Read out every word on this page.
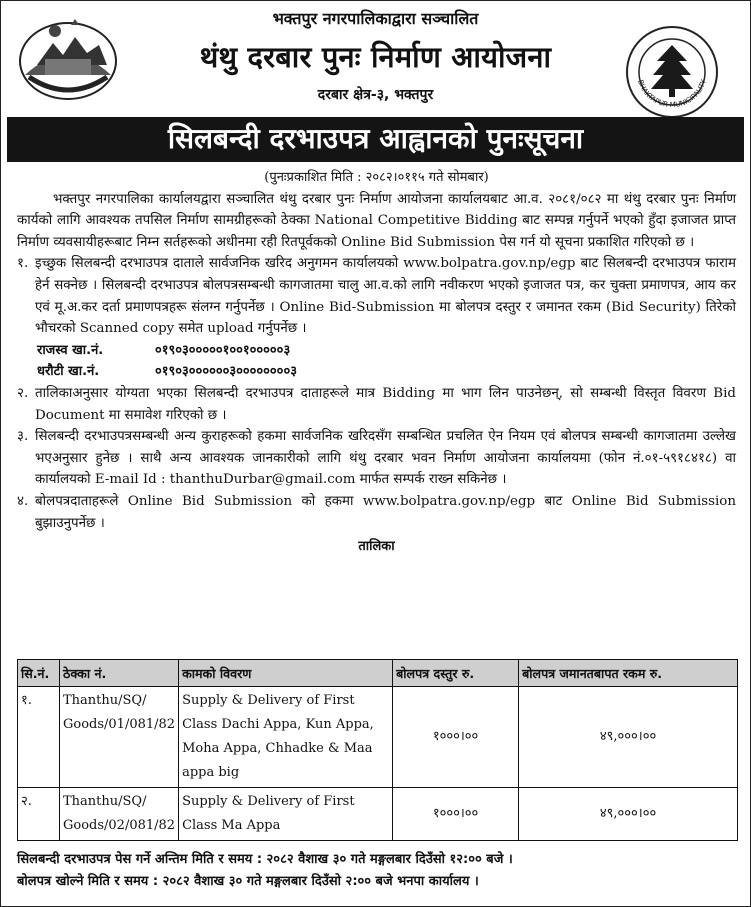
भक्तपुर नगरपालिकाद्वारा सञ्चालित
थंथु दरबार पुनः निर्माण आयोजना
दरबार क्षेत्र-३, भक्तपुर
BHAKTAPUR MUNICIPALITY
सिलबन्दी दरभाउपत्र आह्वानको पुनःसूचना

(पुनःप्रकाशित मिति : २०८२।०११५ गते सोमबार)

भक्तपुर नगरपालिका कार्यालयद्वारा सञ्चालित थंथु दरबार पुनः निर्माण आयोजना कार्यालयबाट आ.व. २०८१/०८२ मा थंथु दरबार पुनः निर्माण कार्यको लागि आवश्यक तपसिल निर्माण सामग्रीहरूको ठेक्का National Competitive Bidding बाट सम्पन्न गर्नुपर्ने भएको हुँदा इजाजत प्राप्त निर्माण व्यवसायीहरूबाट निम्न सर्तहरूको अधीनमा रही रितपूर्वकको Online Bid Submission पेस गर्न यो सूचना प्रकाशित गरिएको छ ।

१. इच्छुक सिलबन्दी दरभाउपत्र दाताले सार्वजनिक खरिद अनुगमन कार्यालयको www.bolpatra.gov.np/egp बाट सिलबन्दी दरभाउपत्र फाराम हेर्न सक्नेछ । सिलबन्दी दरभाउपत्र बोलपत्रसम्बन्धी कागजातमा चालु आ.व.को लागि नवीकरण भएको इजाजत पत्र, कर चुक्ता प्रमाणपत्र, आय कर एवं मू.अ.कर दर्ता प्रमाणपत्रहरू संलग्न गर्नुपर्नेछ । Online Bid-Submission मा बोलपत्र दस्तुर र जमानत रकम (Bid Security) तिरेको भौचरको Scanned copy समेत upload गर्नुपर्नेछ ।
राजस्व खा.नं.	०१९०३०००००१००१०००००३
धरौटी खा.नं.	०१९०३००००००३००००००००३
२. तालिकाअनुसार योग्यता भएका सिलबन्दी दरभाउपत्र दाताहरूले मात्र Bidding मा भाग लिन पाउनेछन्, सो सम्बन्धी विस्तृत विवरण Bid Document मा समावेश गरिएको छ ।
३. सिलबन्दी दरभाउपत्रसम्बन्धी अन्य कुराहरूको हकमा सार्वजनिक खरिदसँग सम्बन्धित प्रचलित ऐन नियम एवं बोलपत्र सम्बन्धी कागजातमा उल्लेख भएअनुसार हुनेछ । साथै अन्य आवश्यक जानकारीको लागि थंथु दरबार भवन निर्माण आयोजना कार्यालयमा (फोन नं.०१-५९१८४१८) वा कार्यालयको E-mail Id : thanthuDurbar@gmail.com मार्फत सम्पर्क राख्न सकिनेछ ।
४. बोलपत्रदाताहरूले Online Bid Submission को हकमा www.bolpatra.gov.np/egp बाट Online Bid Submission बुझाउनुपर्नेछ ।
तालिका
सि.नं.	ठेक्का नं.	कामको विवरण	बोलपत्र दस्तुर रु.	बोलपत्र जमानतबापत रकम रु.
१.	Thanthu/SQ/ Goods/01/081/82	Supply & Delivery of First Class Dachi Appa, Kun Appa, Moha Appa, Chhadke & Maa appa big	१०००।००	४९,०००।००
२.	Thanthu/SQ/ Goods/02/081/82	Supply & Delivery of First Class Ma Appa	१०००।००	४९,०००।००
सिलबन्दी दरभाउपत्र पेस गर्ने अन्तिम मिति र समय : २०८२ वैशाख ३० गते मङ्गलबार दिउँसो १२:०० बजे ।
बोलपत्र खोल्ने मिति र समय : २०८२ वैशाख ३० गते मङ्गलबार दिउँसो २:०० बजे भनपा कार्यालय ।
